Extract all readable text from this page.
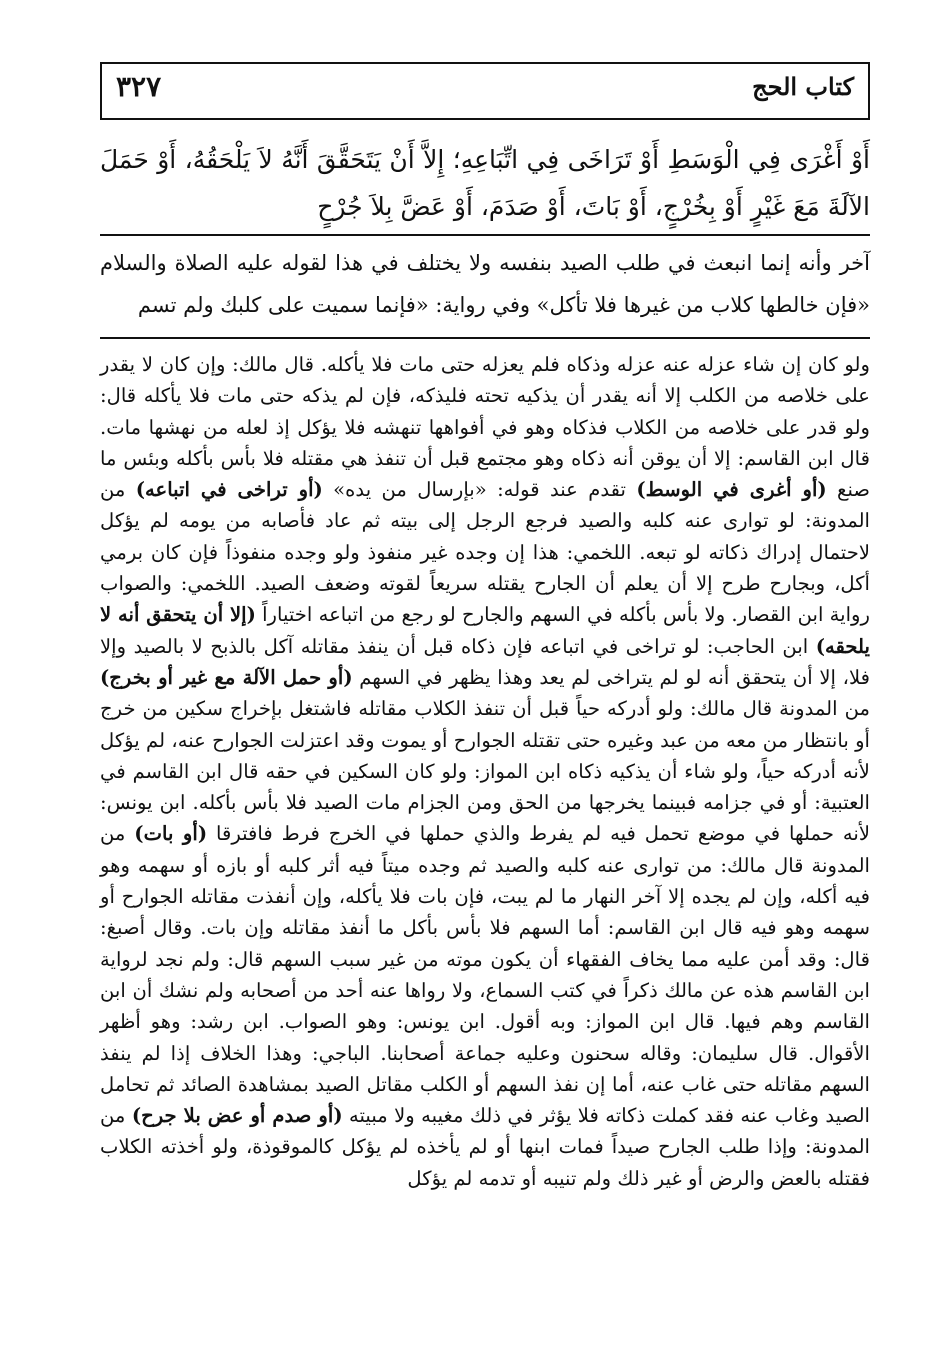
كتاب الحج
٣٢٧
أَوْ أَغْرَى فِي الْوَسَطِ أَوْ تَرَاخَى فِي اتِّبَاعِهِ؛ إِلاَّ أَنْ يَتَحَقَّقَ أَنَّهُ لاَ يَلْحَقُهُ، أَوْ حَمَلَ الآلَةَ مَعَ غَيْرٍ أَوْ بِخُرْجٍ، أَوْ بَاتَ، أَوْ صَدَمَ، أَوْ عَضَّ بِلاَ جُرْحٍ
آخر وأنه إنما انبعث في طلب الصيد بنفسه ولا يختلف في هذا لقوله عليه الصلاة والسلام «فإن خالطها كلاب من غيرها فلا تأكل» وفي رواية: «فإنما سميت على كلبك ولم تسم
ولو كان إن شاء عزله عنه عزله وذكاه فلم يعزله حتى مات فلا يأكله. قال مالك: وإن كان لا يقدر على خلاصه من الكلب إلا أنه يقدر أن يذكيه تحته فليذكه، فإن لم يذكه حتى مات فلا يأكله قال: ولو قدر على خلاصه من الكلاب فذكاه وهو في أفواهها تنهشه فلا يؤكل إذ لعله من نهشها مات. قال ابن القاسم: إلا أن يوقن أنه ذكاه وهو مجتمع قبل أن تنفذ هي مقتله فلا بأس بأكله وبئس ما صنع (أو أغرى في الوسط) تقدم عند قوله: «بإرسال من يده» (أو تراخى في اتباعه) من المدونة: لو توارى عنه كلبه والصيد فرجع الرجل إلى بيته ثم عاد فأصابه من يومه لم يؤكل لاحتمال إدراك ذكاته لو تبعه. اللخمي: هذا إن وجده غير منفوذ ولو وجده منفوذاً فإن كان برمي أكل، وبجارح طرح إلا أن يعلم أن الجارح يقتله سريعاً لقوته وضعف الصيد. اللخمي: والصواب رواية ابن القصار. ولا بأس بأكله في السهم والجارح لو رجع من اتباعه اختياراً (إلا أن يتحقق أنه لا يلحقه) ابن الحاجب: لو تراخى في اتباعه فإن ذكاه قبل أن ينفذ مقاتله آكل بالذبح لا بالصيد وإلا فلا، إلا أن يتحقق أنه لو لم يتراخى لم يعد وهذا يظهر في السهم (أو حمل الآلة مع غير أو بخرج) من المدونة قال مالك: ولو أدركه حياً قبل أن تنفذ الكلاب مقاتله فاشتغل بإخراج سكين من خرج أو بانتظار من معه من عبد وغيره حتى تقتله الجوارح أو يموت وقد اعتزلت الجوارح عنه، لم يؤكل لأنه أدركه حياً، ولو شاء أن يذكيه ذكاه ابن المواز: ولو كان السكين في حقه قال ابن القاسم في العتبية: أو في جزامه فبينما يخرجها من الحق ومن الجزام مات الصيد فلا بأس بأكله. ابن يونس: لأنه حملها في موضع تحمل فيه لم يفرط والذي حملها في الخرج فرط فافترقا (أو بات) من المدونة قال مالك: من توارى عنه كلبه والصيد ثم وجده ميتاً فيه أثر كلبه أو بازه أو سهمه وهو فيه أكله، وإن لم يجده إلا آخر النهار ما لم يبت، فإن بات فلا يأكله، وإن أنفذت مقاتله الجوارح أو سهمه وهو فيه قال ابن القاسم: أما السهم فلا بأس بأكل ما أنفذ مقاتله وإن بات. وقال أصبغ: قال: وقد أمن عليه مما يخاف الفقهاء أن يكون موته من غير سبب السهم قال: ولم نجد لرواية ابن القاسم هذه عن مالك ذكراً في كتب السماع، ولا رواها عنه أحد من أصحابه ولم نشك أن ابن القاسم وهم فيها. قال ابن المواز: وبه أقول. ابن يونس: وهو الصواب. ابن رشد: وهو أظهر الأقوال. قال سليمان: وقاله سحنون وعليه جماعة أصحابنا. الباجي: وهذا الخلاف إذا لم ينفذ السهم مقاتله حتى غاب عنه، أما إن نفذ السهم أو الكلب مقاتل الصيد بمشاهدة الصائد ثم تحامل الصيد وغاب عنه فقد كملت ذكاته فلا يؤثر في ذلك مغيبه ولا مبيته (أو صدم أو عض بلا جرح) من المدونة: وإذا طلب الجارح صيداً فمات ابنها أو لم يأخذه لم يؤكل كالموقوذة، ولو أخذته الكلاب فقتله بالعض والرض أو غير ذلك ولم تنيبه أو تدمه لم يؤكل
